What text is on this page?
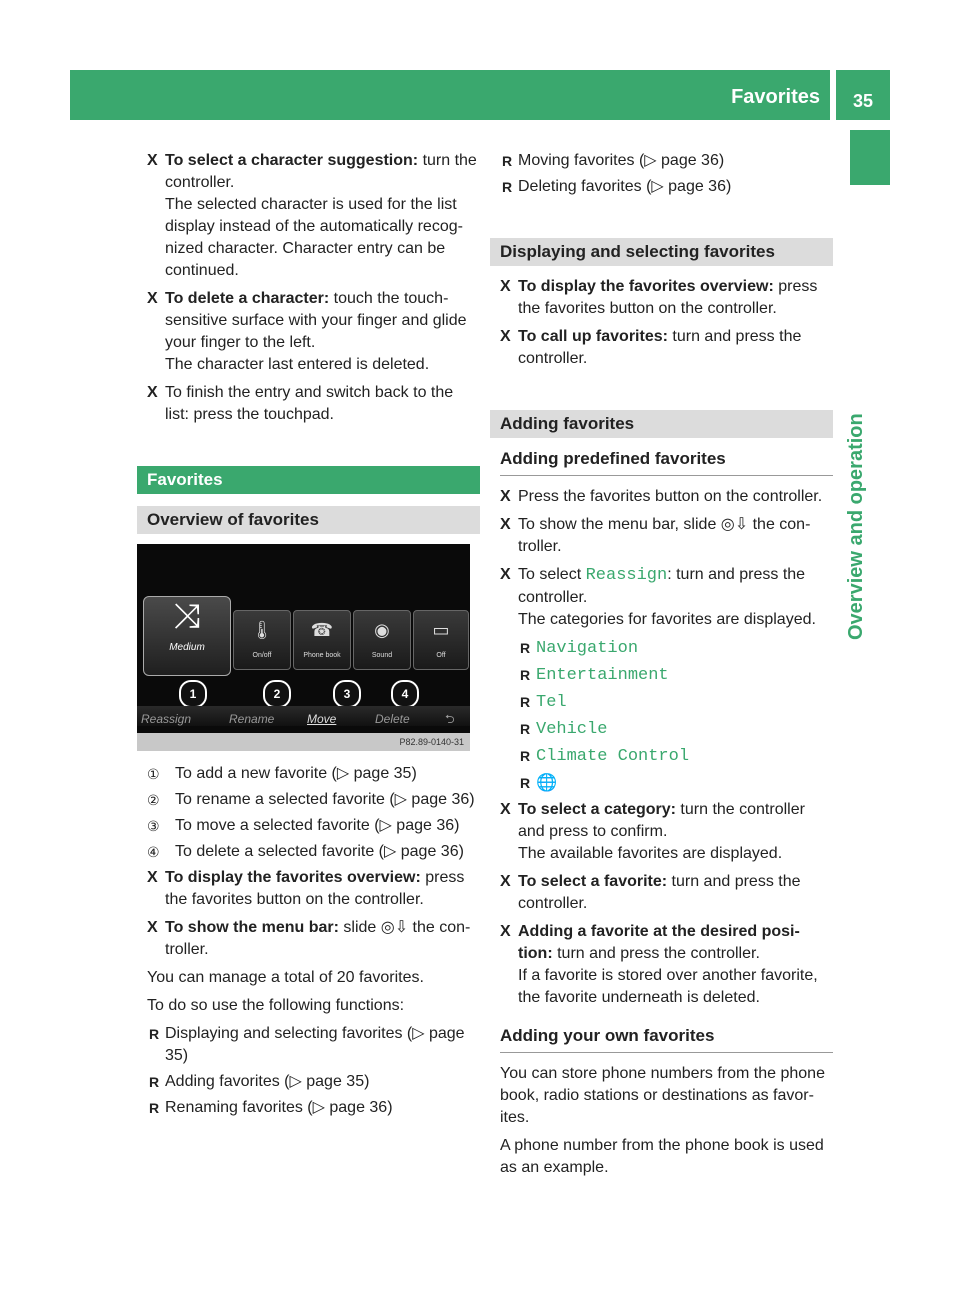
Favorites	35
Overview and operation
X To select a character suggestion: turn the controller.
The selected character is used for the list display instead of the automatically recog-nized character. Character entry can be continued.
X To delete a character: touch the touch-sensitive surface with your finger and glide your finger to the left.
The character last entered is deleted.
X To finish the entry and switch back to the list: press the touchpad.
Favorites
Overview of favorites
⤨
Medium
🌡
On/off
☎
Phone book
◉
Sound
▭
Off
1	2	3	4
Reassign	Rename	Move	Delete	⮌
P82.89-0140-31
① To add a new favorite (▷ page 35)
② To rename a selected favorite (▷ page 36)
③ To move a selected favorite (▷ page 36)
④ To delete a selected favorite (▷ page 36)
X To display the favorites overview: press the favorites button on the controller.
X To show the menu bar: slide ◎⇩ the con-troller.
You can manage a total of 20 favorites.
To do so use the following functions:
R Displaying and selecting favorites (▷ page 35)
R Adding favorites (▷ page 35)
R Renaming favorites (▷ page 36)
R Moving favorites (▷ page 36)
R Deleting favorites (▷ page 36)
Displaying and selecting favorites
X To display the favorites overview: press the favorites button on the controller.
X To call up favorites: turn and press the controller.
Adding favorites
Adding predefined favorites
X Press the favorites button on the controller.
X To show the menu bar, slide ◎⇩ the con-troller.
X To select Reassign: turn and press the controller.
The categories for favorites are displayed.
R Navigation
R Entertainment
R Tel
R Vehicle
R Climate Control
R 🌐
X To select a category: turn the controller and press to confirm.
The available favorites are displayed.
X To select a favorite: turn and press the controller.
X Adding a favorite at the desired posi-tion: turn and press the controller.
If a favorite is stored over another favorite, the favorite underneath is deleted.
Adding your own favorites
You can store phone numbers from the phone book, radio stations or destinations as favor-ites.
A phone number from the phone book is used as an example.
